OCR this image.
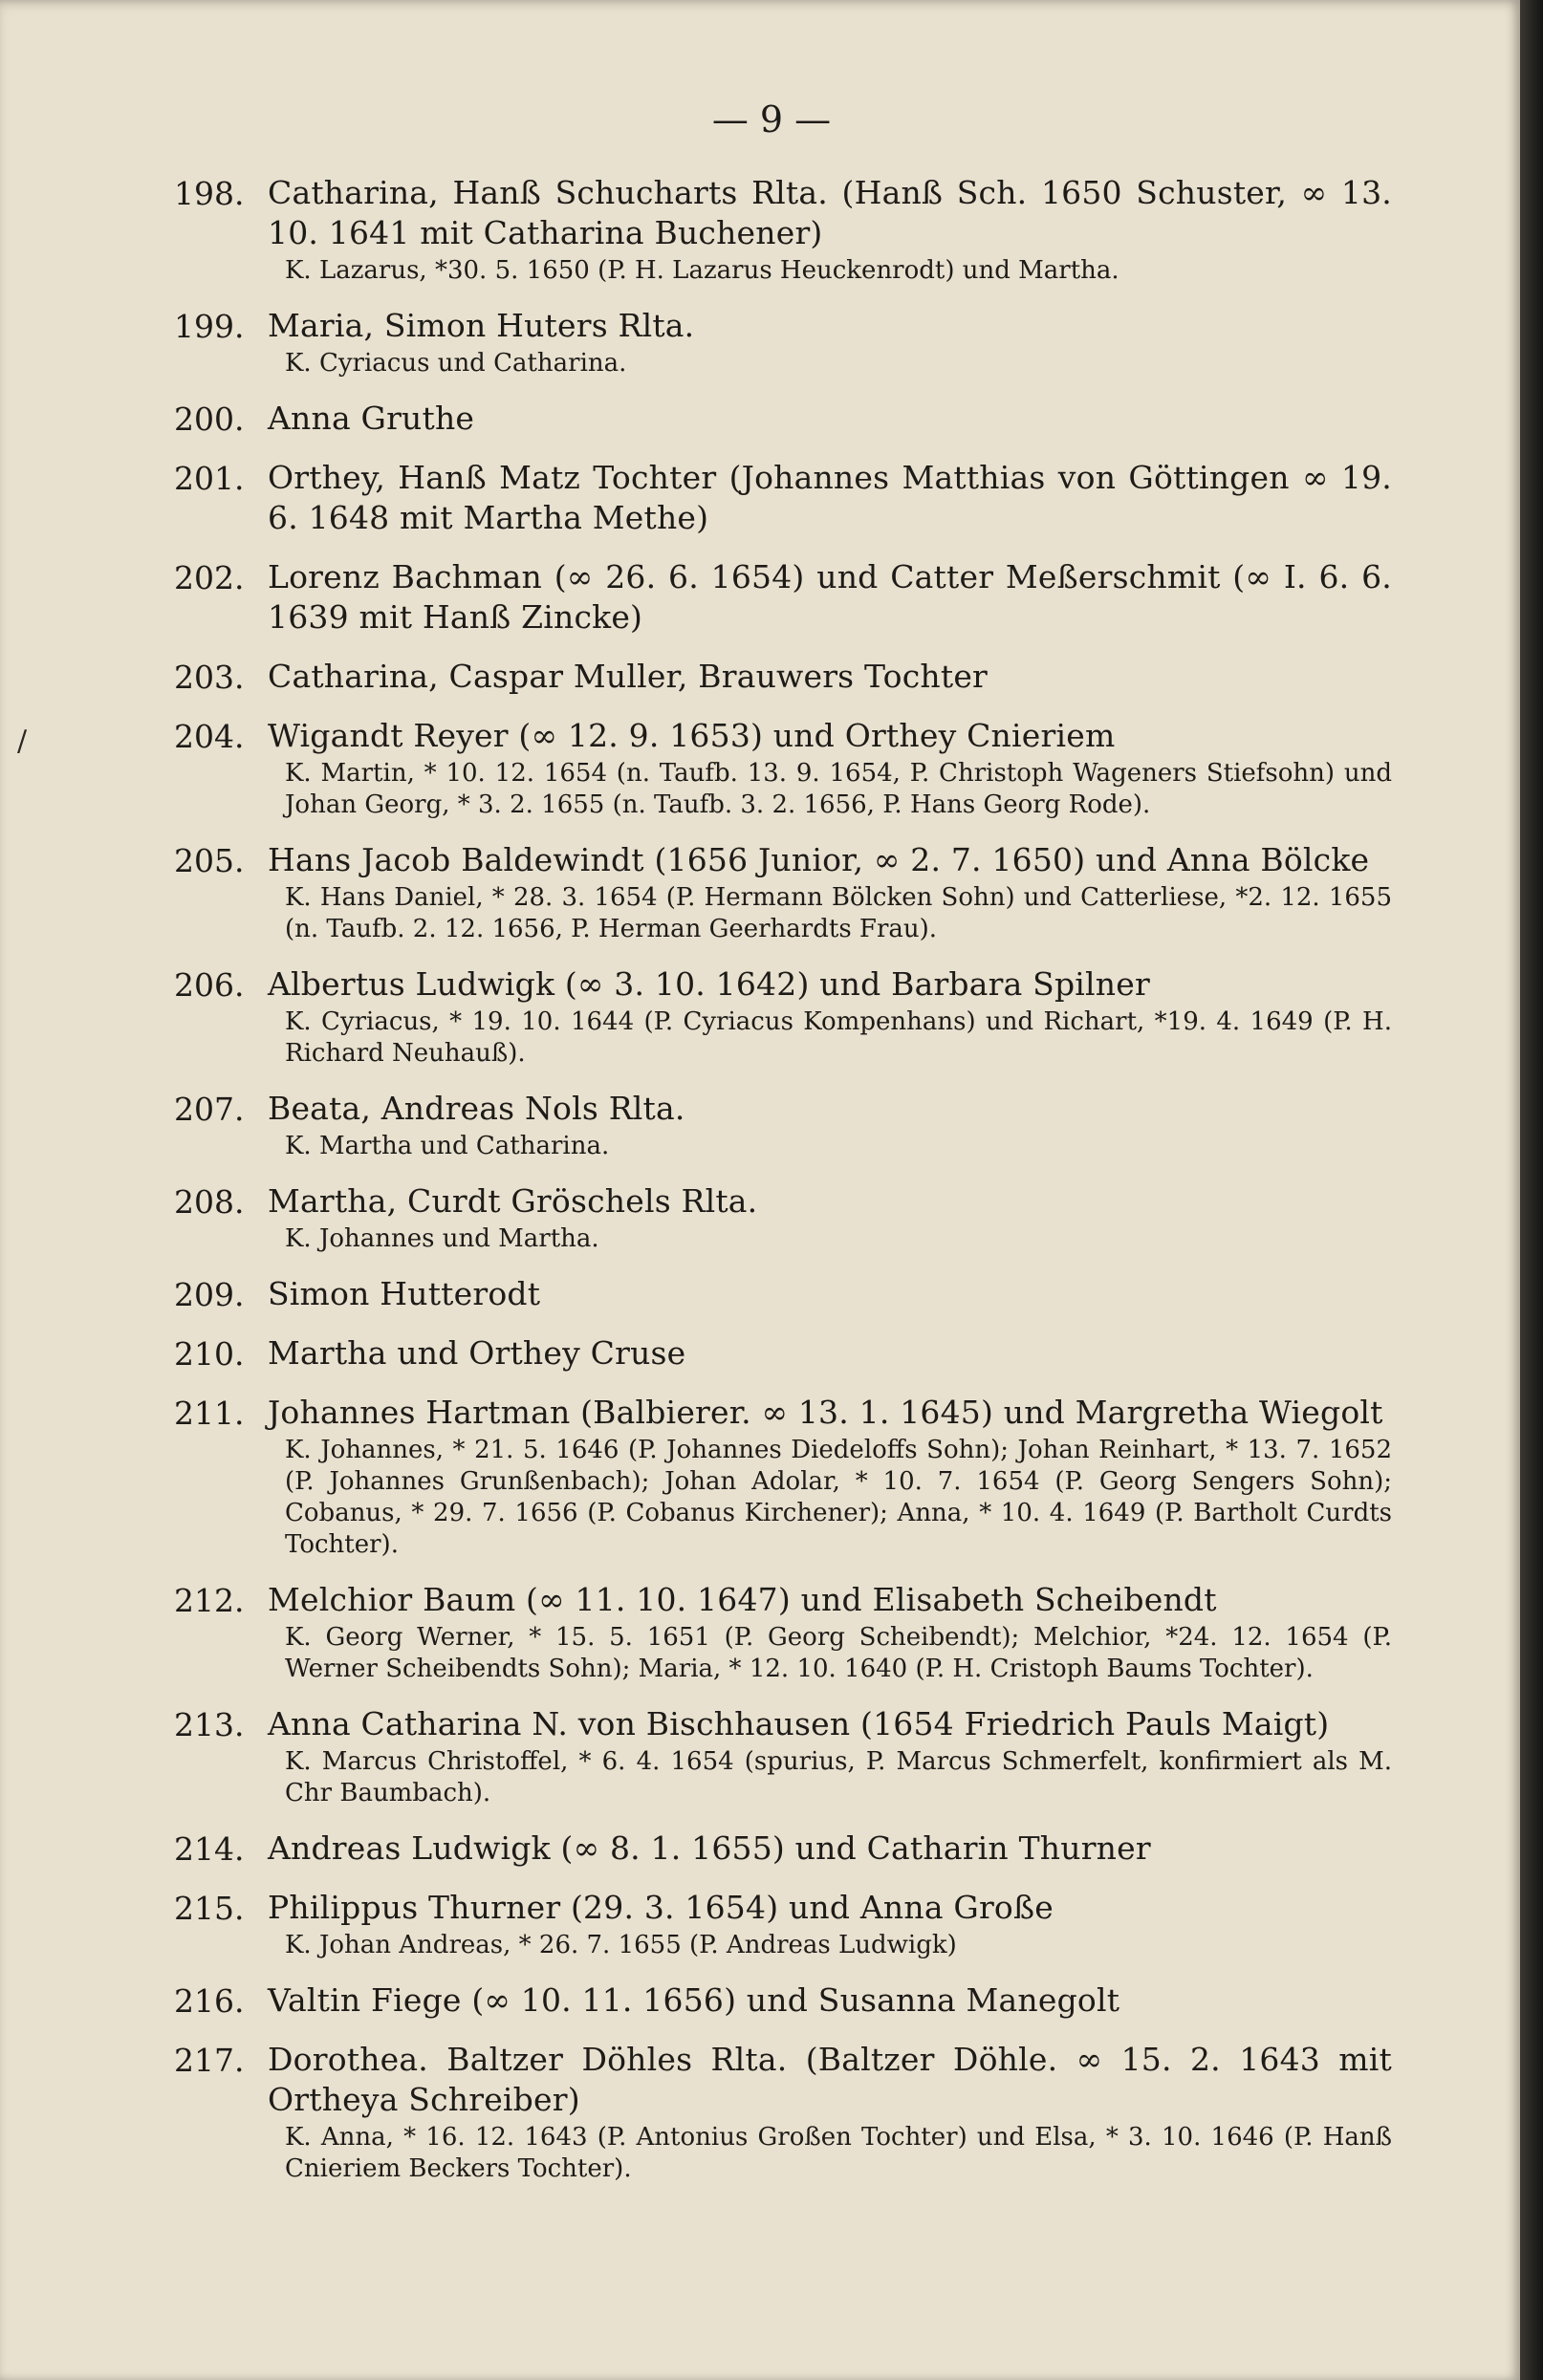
— 9 —
/
198. Catharina, Hanß Schucharts Rlta. (Hanß Sch. 1650 Schuster, ∞ 13. 10. 1641 mit Catharina Buchener)
K. Lazarus, *30. 5. 1650 (P. H. Lazarus Heuckenrodt) und Martha.
199. Maria, Simon Huters Rlta.
K. Cyriacus und Catharina.
200. Anna Gruthe
201. Orthey, Hanß Matz Tochter (Johannes Matthias von Göttingen ∞ 19. 6. 1648 mit Martha Methe)
202. Lorenz Bachman (∞ 26. 6. 1654) und Catter Meßerschmit (∞ I. 6. 6. 1639 mit Hanß Zincke)
203. Catharina, Caspar Muller, Brauwers Tochter
204. Wigandt Reyer (∞ 12. 9. 1653) und Orthey Cnieriem
K. Martin, * 10. 12. 1654 (n. Taufb. 13. 9. 1654, P. Christoph Wageners Stiefsohn) und Johan Georg, * 3. 2. 1655 (n. Taufb. 3. 2. 1656, P. Hans Georg Rode).
205. Hans Jacob Baldewindt (1656 Junior, ∞ 2. 7. 1650) und Anna Bölcke
K. Hans Daniel, * 28. 3. 1654 (P. Hermann Bölcken Sohn) und Catterliese, *2. 12. 1655 (n. Taufb. 2. 12. 1656, P. Herman Geerhardts Frau).
206. Albertus Ludwigk (∞ 3. 10. 1642) und Barbara Spilner
K. Cyriacus, * 19. 10. 1644 (P. Cyriacus Kompenhans) und Richart, *19. 4. 1649 (P. H. Richard Neuhauß).
207. Beata, Andreas Nols Rlta.
K. Martha und Catharina.
208. Martha, Curdt Gröschels Rlta.
K. Johannes und Martha.
209. Simon Hutterodt
210. Martha und Orthey Cruse
211. Johannes Hartman (Balbierer. ∞ 13. 1. 1645) und Margretha Wiegolt
K. Johannes, * 21. 5. 1646 (P. Johannes Diedeloffs Sohn); Johan Reinhart, * 13. 7. 1652 (P. Johannes Grunßenbach); Johan Adolar, * 10. 7. 1654 (P. Georg Sengers Sohn); Cobanus, * 29. 7. 1656 (P. Cobanus Kirchener); Anna, * 10. 4. 1649 (P. Bartholt Curdts Tochter).
212. Melchior Baum (∞ 11. 10. 1647) und Elisabeth Scheibendt
K. Georg Werner, * 15. 5. 1651 (P. Georg Scheibendt); Melchior, *24. 12. 1654 (P. Werner Scheibendts Sohn); Maria, * 12. 10. 1640 (P. H. Cristoph Baums Tochter).
213. Anna Catharina N. von Bischhausen (1654 Friedrich Pauls Maigt)
K. Marcus Christoffel, * 6. 4. 1654 (spurius, P. Marcus Schmerfelt, konfirmiert als M. Chr Baumbach).
214. Andreas Ludwigk (∞ 8. 1. 1655) und Catharin Thurner
215. Philippus Thurner (29. 3. 1654) und Anna Große
K. Johan Andreas, * 26. 7. 1655 (P. Andreas Ludwigk)
216. Valtin Fiege (∞ 10. 11. 1656) und Susanna Manegolt
217. Dorothea. Baltzer Döhles Rlta. (Baltzer Döhle. ∞ 15. 2. 1643 mit Ortheya Schreiber)
K. Anna, * 16. 12. 1643 (P. Antonius Großen Tochter) und Elsa, * 3. 10. 1646 (P. Hanß Cnieriem Beckers Tochter).
